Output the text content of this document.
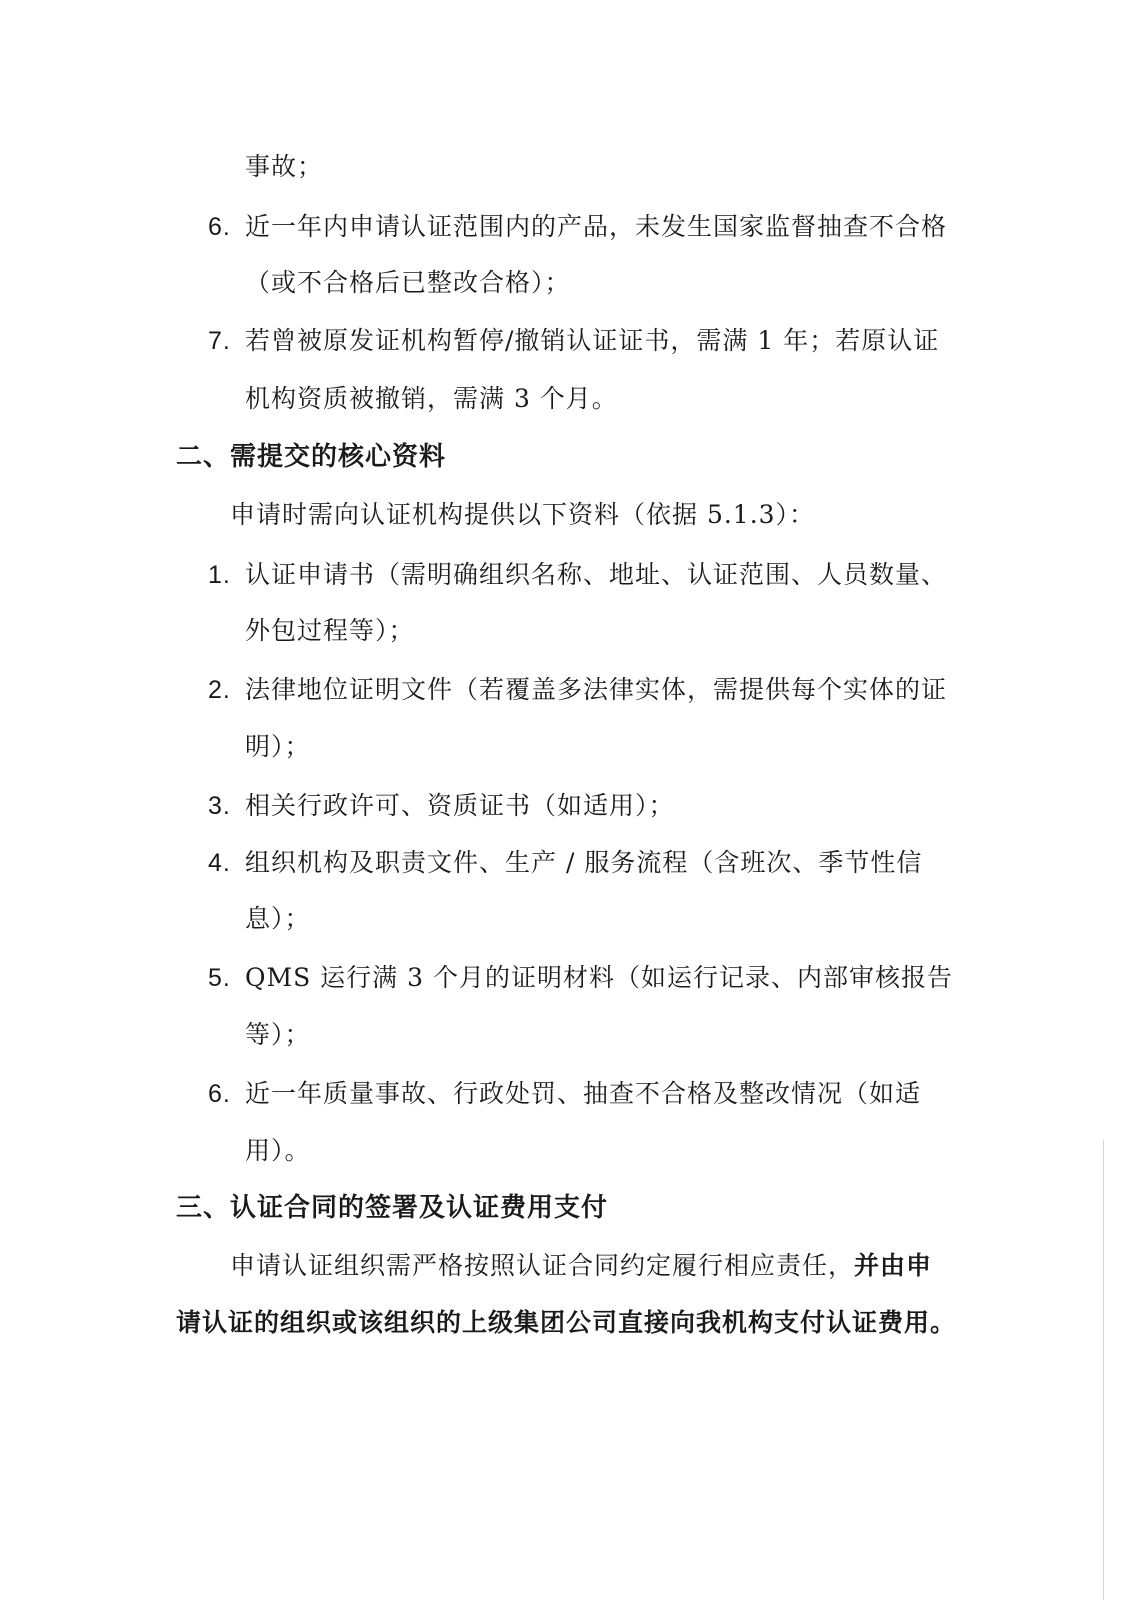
事故；
6. 近一年内申请认证范围内的产品，未发生国家监督抽查不合格
（或不合格后已整改合格）；
7. 若曾被原发证机构暂停/撤销认证证书，需满 1 年；若原认证
机构资质被撤销，需满 3 个月。
二、需提交的核心资料
申请时需向认证机构提供以下资料（依据 5.1.3）：
1. 认证申请书（需明确组织名称、地址、认证范围、人员数量、
外包过程等）；
2. 法律地位证明文件（若覆盖多法律实体，需提供每个实体的证
明）；
3. 相关行政许可、资质证书（如适用）；
4. 组织机构及职责文件、生产 / 服务流程（含班次、季节性信
息）；
5. QMS 运行满 3 个月的证明材料（如运行记录、内部审核报告
等）；
6. 近一年质量事故、行政处罚、抽查不合格及整改情况（如适
用）。
三、认证合同的签署及认证费用支付
申请认证组织需严格按照认证合同约定履行相应责任，并由申
请认证的组织或该组织的上级集团公司直接向我机构支付认证费用。
